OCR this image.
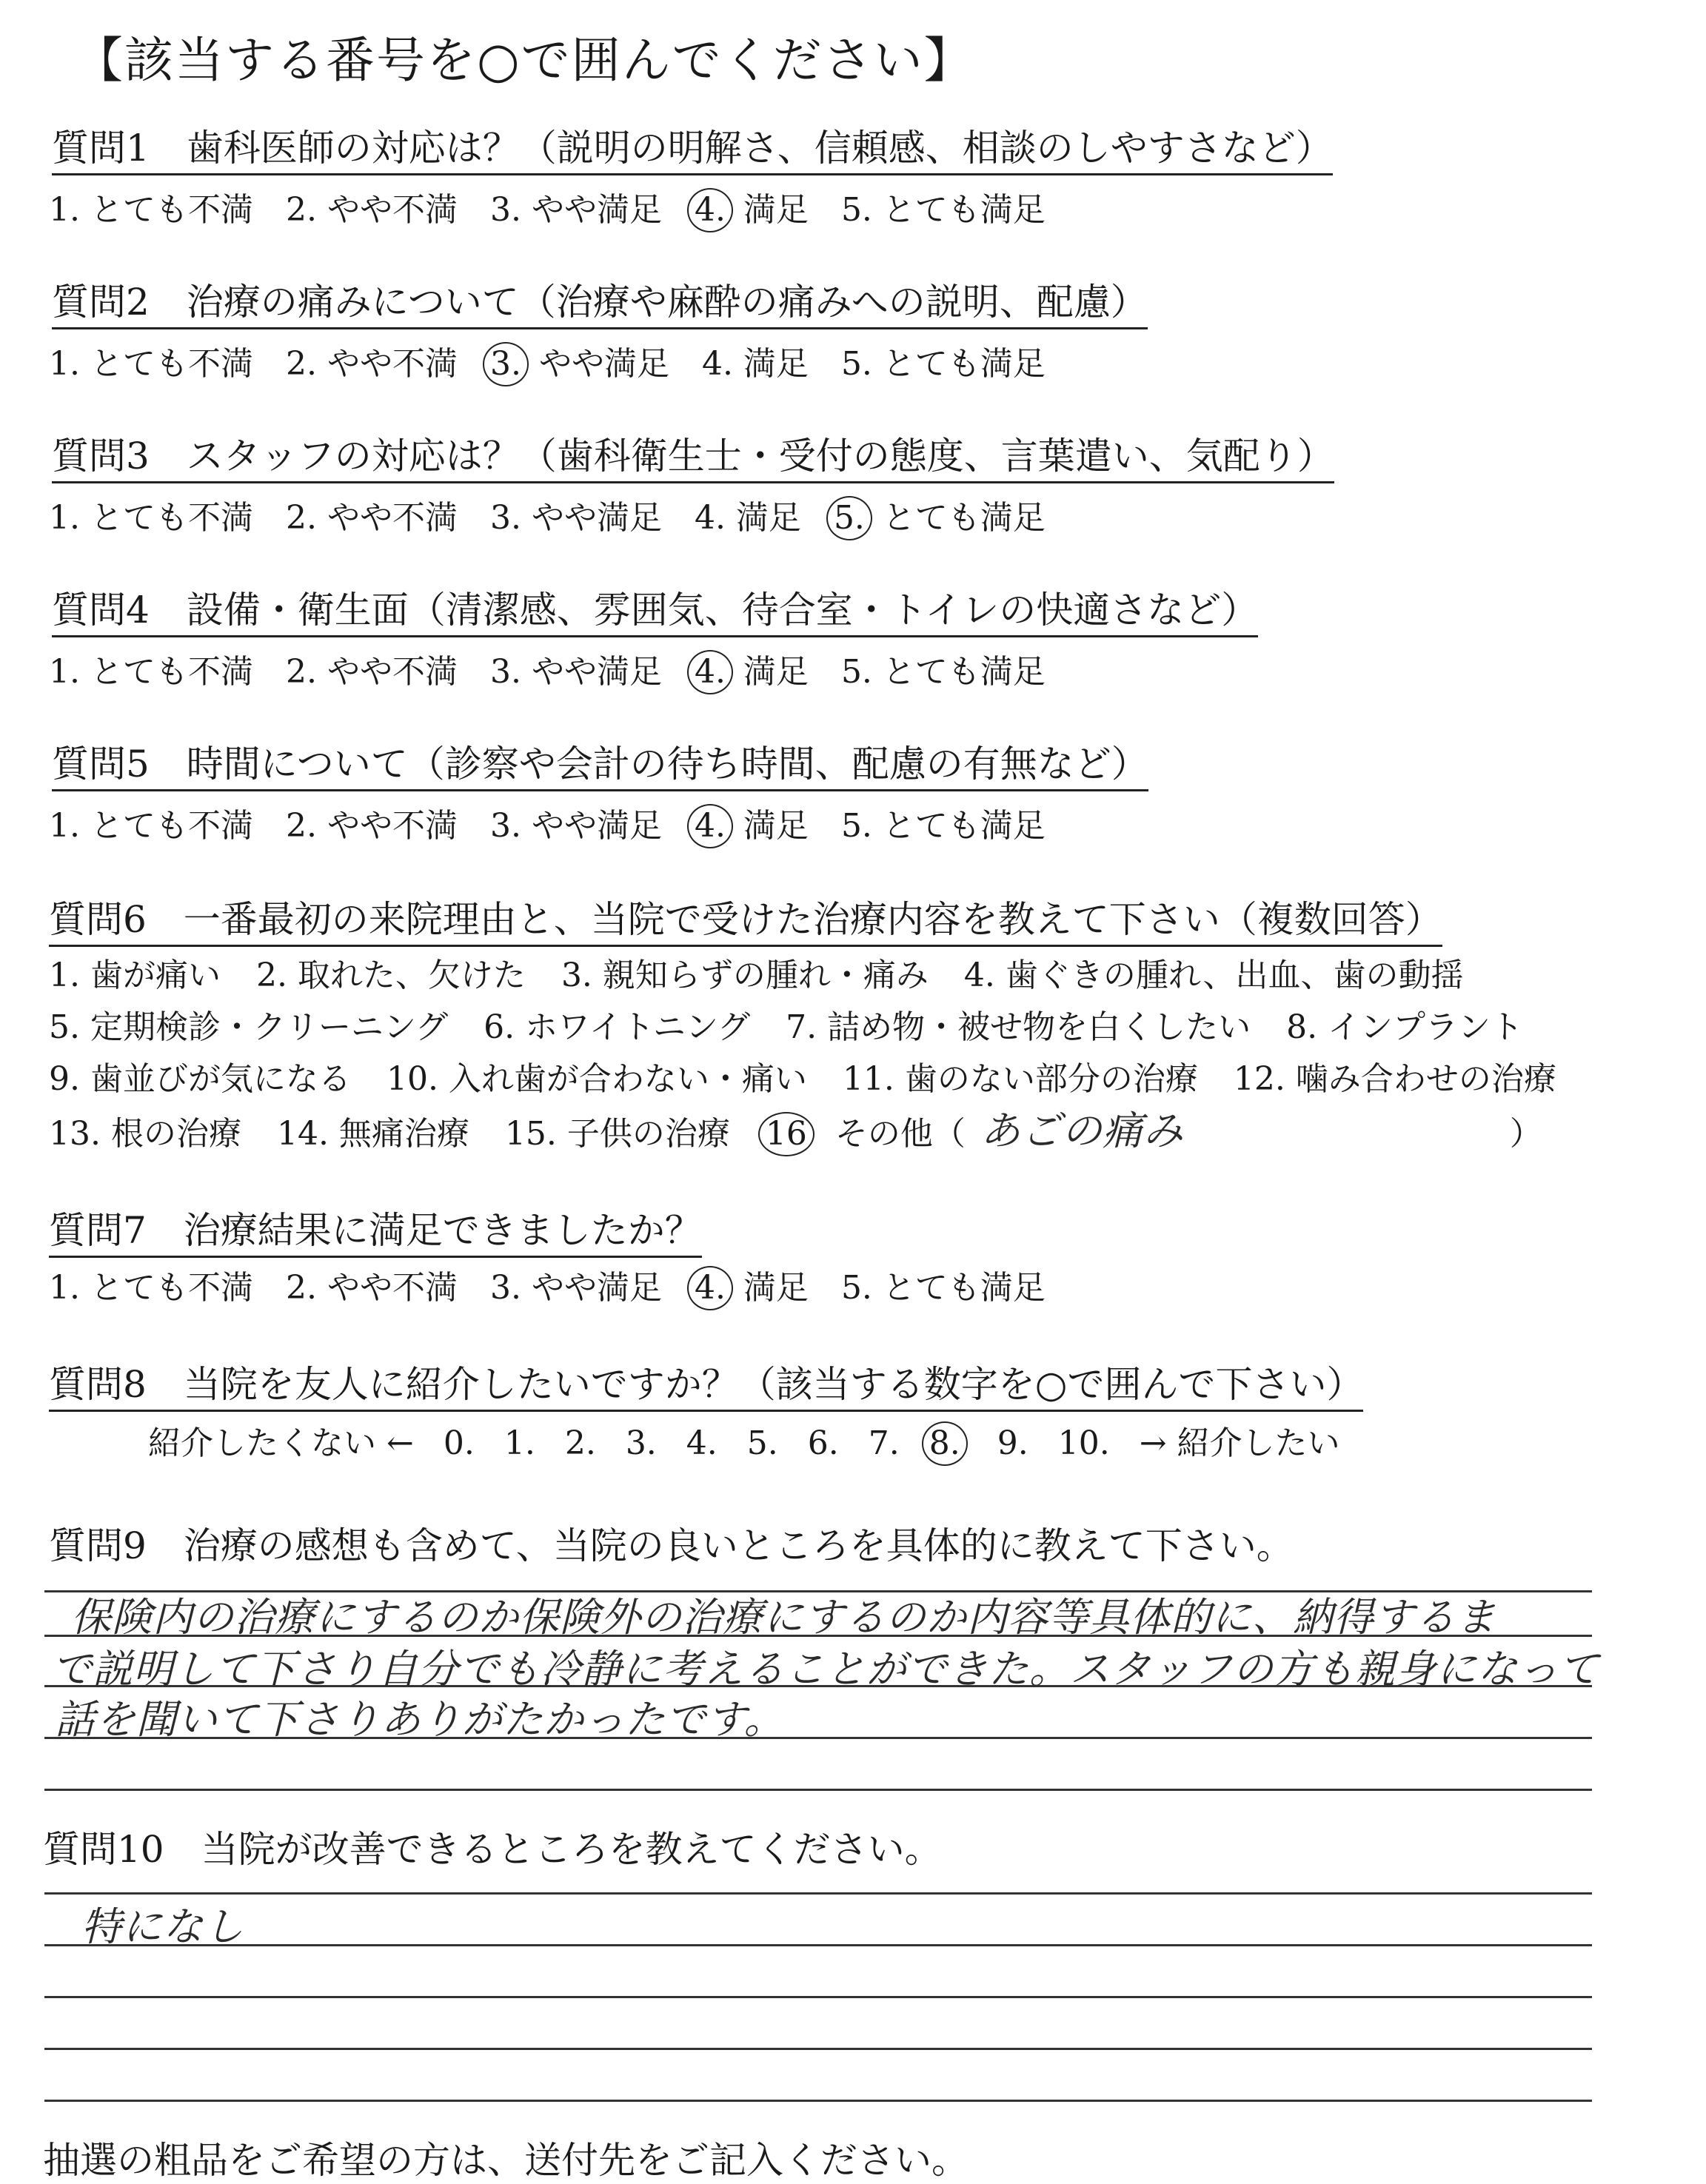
【該当する番号を○で囲んでください】
質問1　歯科医師の対応は？（説明の明解さ、信頼感、相談のしやすさなど）
1. とても不満 2. やや不満 3. やや満足 4. 満足 5. とても満足
質問2　治療の痛みについて（治療や麻酔の痛みへの説明、配慮）
1. とても不満 2. やや不満 3. やや満足 4. 満足 5. とても満足
質問3　スタッフの対応は？（歯科衛生士・受付の態度、言葉遣い、気配り）
1. とても不満 2. やや不満 3. やや満足 4. 満足 5. とても満足
質問4　設備・衛生面（清潔感、雰囲気、待合室・トイレの快適さなど）
1. とても不満 2. やや不満 3. やや満足 4. 満足 5. とても満足
質問5　時間について（診察や会計の待ち時間、配慮の有無など）
1. とても不満 2. やや不満 3. やや満足 4. 満足 5. とても満足
質問6　一番最初の来院理由と、当院で受けた治療内容を教えて下さい（複数回答）
1. 歯が痛い 2. 取れた、欠けた 3. 親知らずの腫れ・痛み 4. 歯ぐきの腫れ、出血、歯の動揺
5. 定期検診・クリーニング 6. ホワイトニング 7. 詰め物・被せ物を白くしたい 8. インプラント
9. 歯並びが気になる 10. 入れ歯が合わない・痛い 11. 歯のない部分の治療 12. 噛み合わせの治療
13. 根の治療 14. 無痛治療 15. 子供の治療 16 その他（ あごの痛み	）
質問7　治療結果に満足できましたか？
1. とても不満 2. やや不満 3. やや満足 4. 満足 5. とても満足
質問8　当院を友人に紹介したいですか？（該当する数字を○で囲んで下さい）
紹介したくない ← 0. 1. 2. 3. 4. 5. 6. 7. 8. 9. 10. → 紹介したい
質問9　治療の感想も含めて、当院の良いところを具体的に教えて下さい。
保険内の治療にするのか保険外の治療にするのか内容等具体的に、納得するま
で説明して下さり自分でも冷静に考えることができた。スタッフの方も親身になって
話を聞いて下さりありがたかったです。
質問10　当院が改善できるところを教えてください。
特になし
抽選の粗品をご希望の方は、送付先をご記入ください。
